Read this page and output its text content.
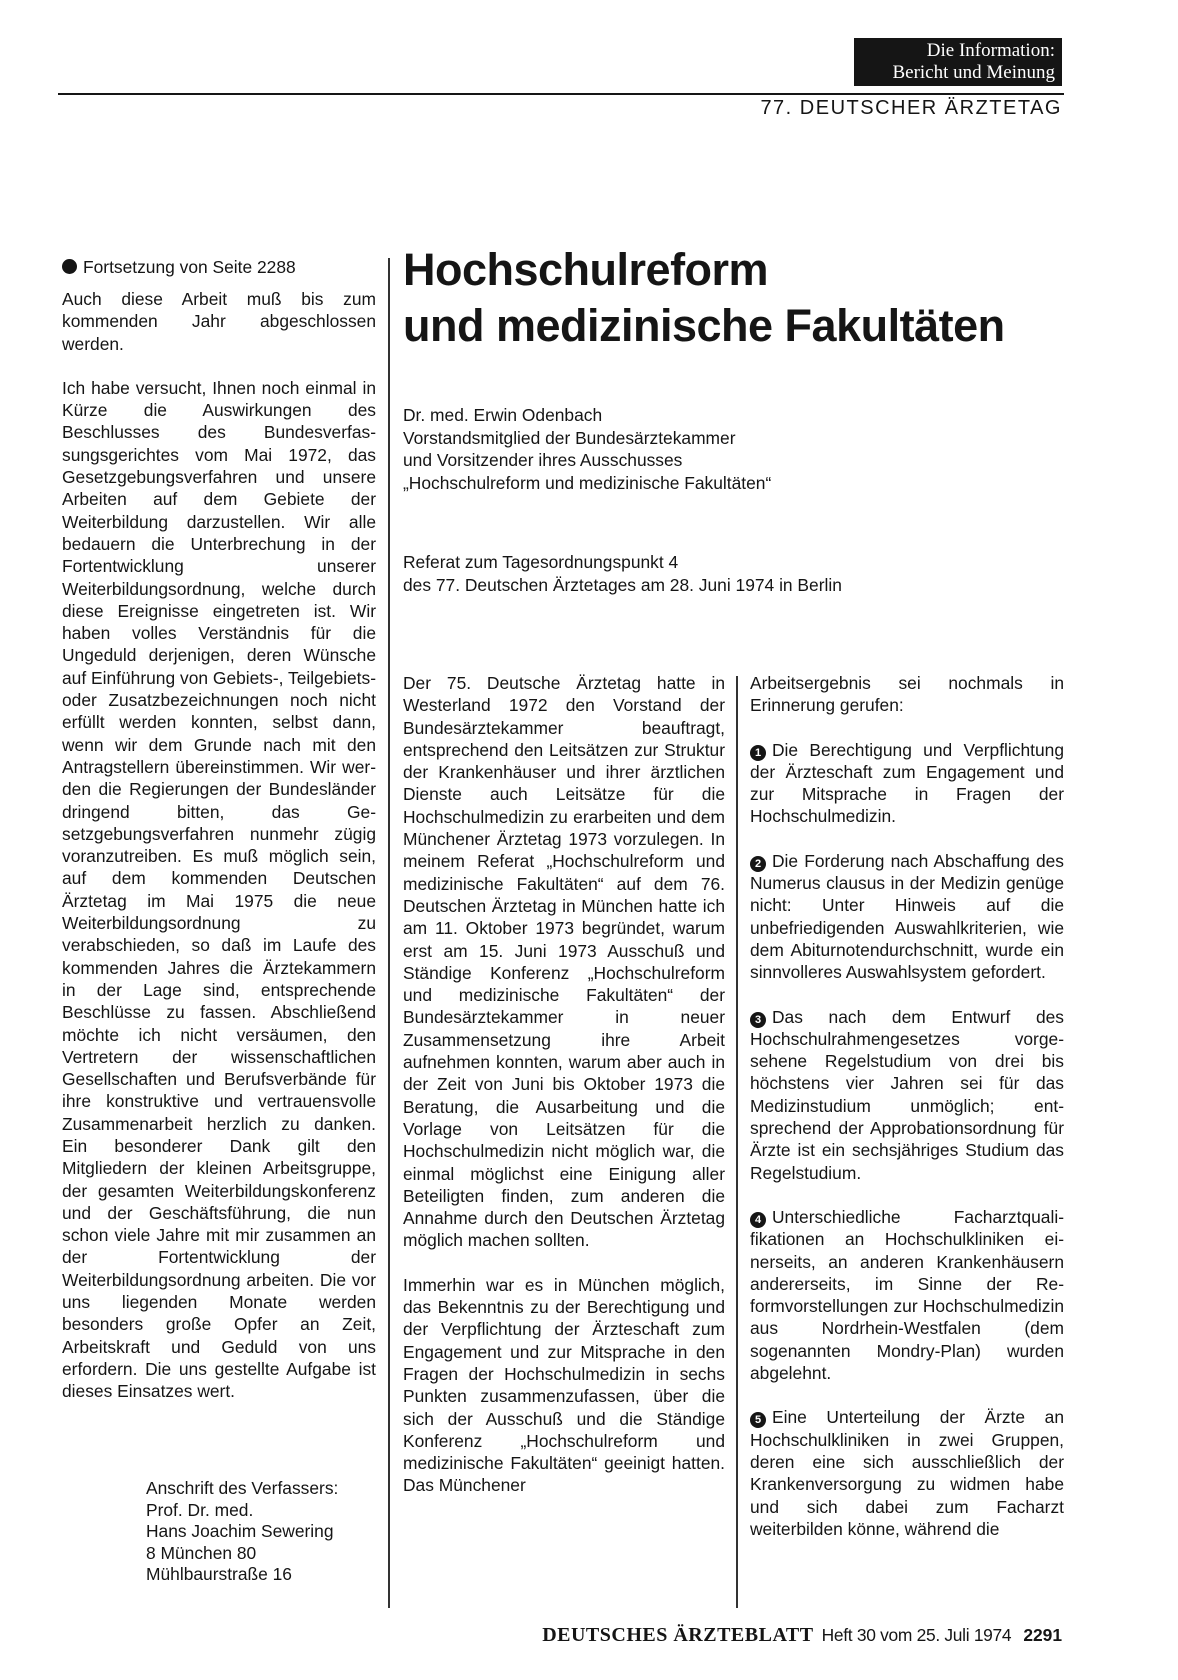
Die Information:
Bericht und Meinung
77. DEUTSCHER ÄRZTETAG
Fortsetzung von Seite 2288

Auch diese Arbeit muß bis zum kommenden Jahr abgeschlossen werden.

Ich habe versucht, Ihnen noch einmal in Kürze die Auswirkungen des Beschlusses des Bundesverfassungsgerichtes vom Mai 1972, das Gesetzgebungsverfahren und unsere Arbeiten auf dem Gebiete der Weiterbildung darzustellen. Wir alle bedauern die Unterbrechung in der Fortentwicklung unserer Weiterbildungsordnung, welche durch diese Ereignisse eingetreten ist. Wir haben volles Verständnis für die Ungeduld derjenigen, deren Wünsche auf Einführung von Gebiets-, Teilgebiets- oder Zusatzbezeichnungen noch nicht erfüllt werden konnten, selbst dann, wenn wir dem Grunde nach mit den Antragstellern übereinstimmen. Wir werden die Regierungen der Bundesländer dringend bitten, das Gesetzgebungsverfahren nunmehr zügig voranzutreiben. Es muß möglich sein, auf dem kommenden Deutschen Ärztetag im Mai 1975 die neue Weiterbildungsordnung zu verabschieden, so daß im Laufe des kommenden Jahres die Ärztekammern in der Lage sind, entsprechende Beschlüsse zu fassen. Abschließend möchte ich nicht versäumen, den Vertretern der wissenschaftlichen Gesellschaften und Berufsverbände für ihre konstruktive und vertrauensvolle Zusammenarbeit herzlich zu danken. Ein besonderer Dank gilt den Mitgliedern der kleinen Arbeitsgruppe, der gesamten Weiterbildungskonferenz und der Geschäftsführung, die nun schon viele Jahre mit mir zusammen an der Fortentwicklung der Weiterbildungsordnung arbeiten. Die vor uns liegenden Monate werden besonders große Opfer an Zeit, Arbeitskraft und Geduld von uns erfordern. Die uns gestellte Aufgabe ist dieses Einsatzes wert.

Anschrift des Verfassers:
Prof. Dr. med.
Hans Joachim Sewering
8 München 80
Mühlbaurstraße 16
Hochschulreform
und medizinische Fakultäten
Dr. med. Erwin Odenbach
Vorstandsmitglied der Bundesärztekammer
und Vorsitzender ihres Ausschusses
„Hochschulreform und medizinische Fakultäten“
Referat zum Tagesordnungspunkt 4
des 77. Deutschen Ärztetages am 28. Juni 1974 in Berlin

Der 75. Deutsche Ärztetag hatte in Westerland 1972 den Vorstand der Bundesärztekammer beauftragt, entsprechend den Leitsätzen zur Struktur der Krankenhäuser und ihrer ärztlichen Dienste auch Leitsätze für die Hochschulmedizin zu erarbeiten und dem Münchener Ärztetag 1973 vorzulegen. In meinem Referat „Hochschulreform und medizinische Fakultäten“ auf dem 76. Deutschen Ärztetag in München hatte ich am 11. Oktober 1973 begründet, warum erst am 15. Juni 1973 Ausschuß und Ständige Konferenz „Hochschulreform und medizinische Fakultäten“ der Bundesärztekammer in neuer Zusammensetzung ihre Arbeit aufnehmen konnten, warum aber auch in der Zeit von Juni bis Oktober 1973 die Beratung, die Ausarbeitung und die Vorlage von Leitsätzen für die Hochschulmedizin nicht möglich war, die einmal möglichst eine Einigung aller Beteiligten finden, zum anderen die Annahme durch den Deutschen Ärztetag möglich machen sollten.

Immerhin war es in München möglich, das Bekenntnis zu der Berechtigung und der Verpflichtung der Ärzteschaft zum Engagement und zur Mitsprache in den Fragen der Hochschulmedizin in sechs Punkten zusammenzufassen, über die sich der Ausschuß und die Ständige Konferenz „Hochschulreform und medizinische Fakultäten“ geeinigt hatten. Das Münchener

Arbeitsergebnis sei nochmals in Erinnerung gerufen:

1 Die Berechtigung und Verpflichtung der Ärzteschaft zum Engagement und zur Mitsprache in Fragen der Hochschulmedizin.

2 Die Forderung nach Abschaffung des Numerus clausus in der Medizin genüge nicht: Unter Hinweis auf die unbefriedigenden Auswahlkriterien, wie dem Abiturnotendurchschnitt, wurde ein sinnvolleres Auswahlsystem gefordert.

3 Das nach dem Entwurf des Hochschulrahmengesetzes vorgesehene Regelstudium von drei bis höchstens vier Jahren sei für das Medizinstudium unmöglich; entsprechend der Approbationsordnung für Ärzte ist ein sechsjähriges Studium das Regelstudium.

4 Unterschiedliche Facharztqualifikationen an Hochschulkliniken einerseits, an anderen Krankenhäusern andererseits, im Sinne der Reformvorstellungen zur Hochschulmedizin aus Nordrhein-Westfalen (dem sogenannten Mondry-Plan) wurden abgelehnt.

5 Eine Unterteilung der Ärzte an Hochschulkliniken in zwei Gruppen, deren eine sich ausschließlich der Krankenversorgung zu widmen habe und sich dabei zum Facharzt weiterbilden könne, während die

DEUTSCHES ÄRZTEBLATT Heft 30 vom 25. Juli 1974 2291
